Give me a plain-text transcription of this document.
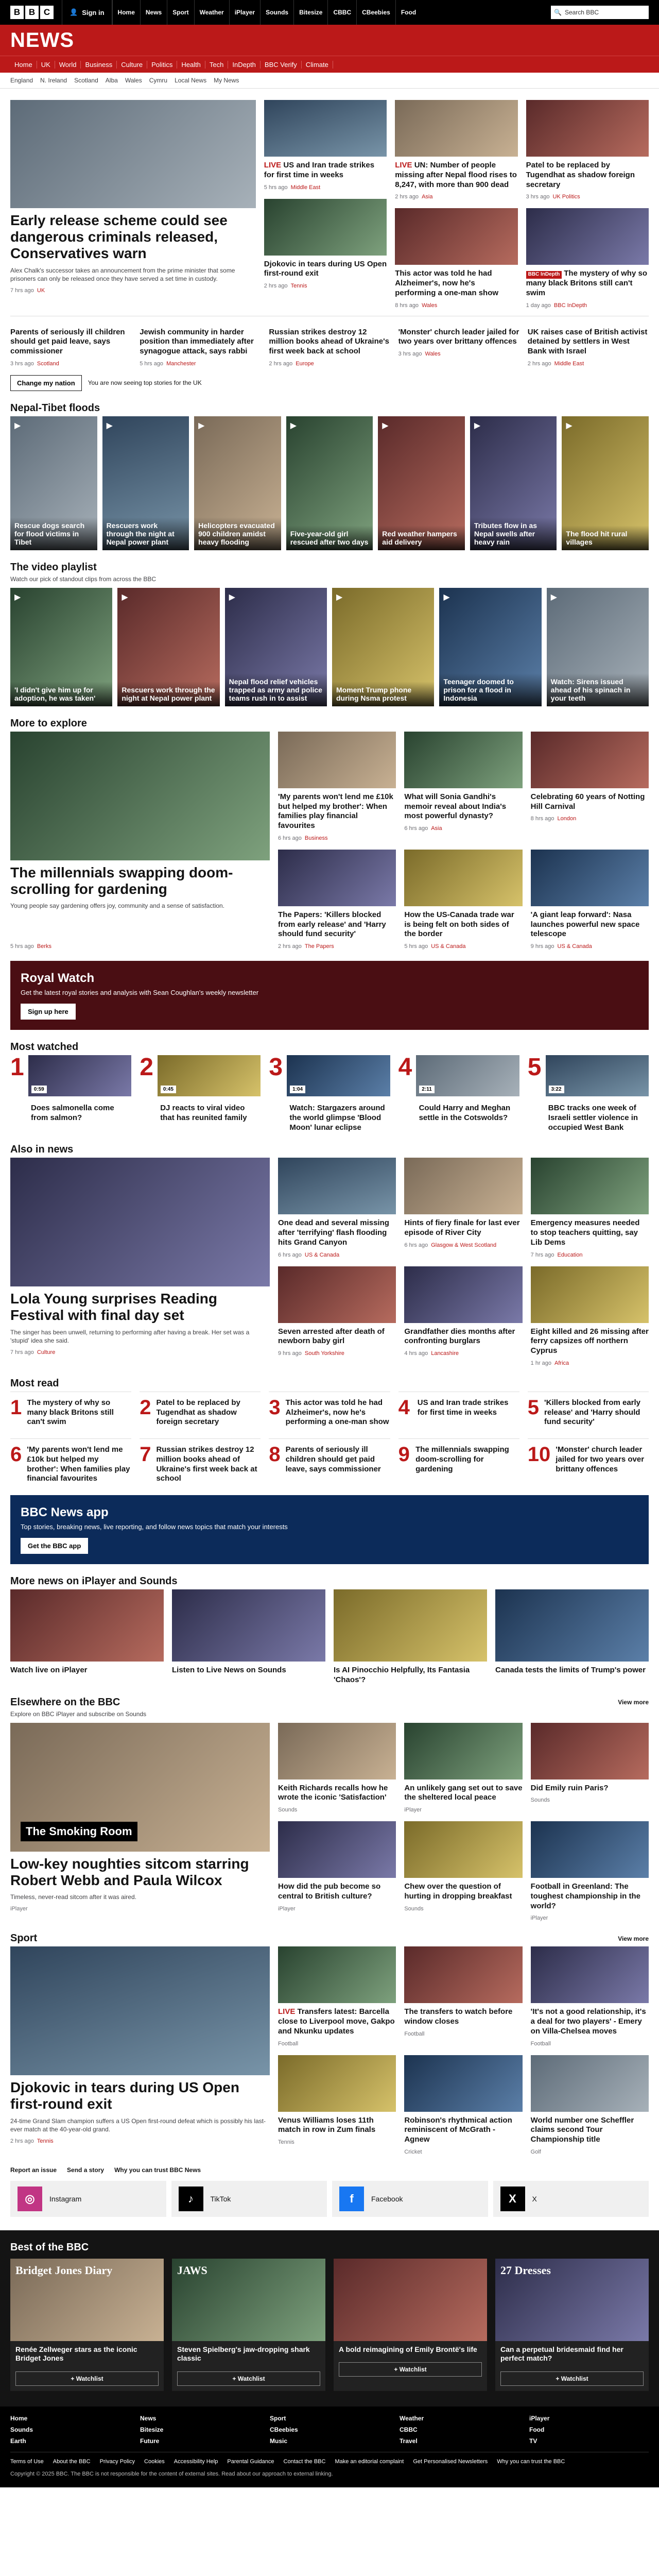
B B C	👤 Sign in	Home	News	Sport	Weather	iPlayer	Sounds	Bitesize	CBBC	CBeebies	Food	🔍 Search BBC
NEWS
Home	UK	World	Business	Culture	Politics	Health	Tech	InDepth	BBC Verify	Climate
England N. Ireland Scotland Alba Wales Cymru Local News My News
Early release scheme could see dangerous criminals released, Conservatives warn
Alex Chalk's successor takes an announcement from the prime minister that some prisoners can only be released once they have served a set time in custody.
7 hrs ago UK
LIVE US and Iran trade strikes for first time in weeks
5 hrs ago Middle East
Djokovic in tears during US Open first-round exit
2 hrs ago Tennis
LIVE UN: Number of people missing after Nepal flood rises to 8,247, with more than 900 dead
2 hrs ago Asia
This actor was told he had Alzheimer's, now he's performing a one-man show
8 hrs ago Wales
Patel to be replaced by Tugendhat as shadow foreign secretary
3 hrs ago UK Politics
BBC InDepth The mystery of why so many black Britons still can't swim
1 day ago BBC InDepth
Parents of seriously ill children should get paid leave, says commissioner
3 hrs ago Scotland
Jewish community in harder position than immediately after synagogue attack, says rabbi
5 hrs ago Manchester
Russian strikes destroy 12 million books ahead of Ukraine's first week back at school
2 hrs ago Europe
'Monster' church leader jailed for two years over brittany offences
3 hrs ago Wales
UK raises case of British activist detained by settlers in West Bank with Israel
2 hrs ago Middle East
Change my nation	You are now seeing top stories for the UK
Nepal-Tibet floods
▶
Rescue dogs search for flood victims in Tibet
▶
Rescuers work through the night at Nepal power plant
▶
Helicopters evacuated 900 children amidst heavy flooding
▶
Five-year-old girl rescued after two days
▶
Red weather hampers aid delivery
▶
Tributes flow in as Nepal swells after heavy rain
▶
The flood hit rural villages
The video playlist
Watch our pick of standout clips from across the BBC
▶
'I didn't give him up for adoption, he was taken'
▶
Rescuers work through the night at Nepal power plant
▶
Nepal flood relief vehicles trapped as army and police teams rush in to assist
▶
Moment Trump phone during Nsma protest
▶
Teenager doomed to prison for a flood in Indonesia
▶
Watch: Sirens issued ahead of his spinach in your teeth
More to explore
The millennials swapping doom-scrolling for gardening
Young people say gardening offers joy, community and a sense of satisfaction.
5 hrs ago Berks
'My parents won't lend me £10k but helped my brother': When families play financial favourites
6 hrs ago Business
What will Sonia Gandhi's memoir reveal about India's most powerful dynasty?
6 hrs ago Asia
Celebrating 60 years of Notting Hill Carnival
8 hrs ago London
The Papers: 'Killers blocked from early release' and 'Harry should fund security'
2 hrs ago The Papers
How the US-Canada trade war is being felt on both sides of the border
5 hrs ago US & Canada
'A giant leap forward': Nasa launches powerful new space telescope
9 hrs ago US & Canada
Royal Watch

Get the latest royal stories and analysis with Sean Coughlan's weekly newsletter

Sign up here
Most watched
1
0:59
Does salmonella come from salmon?
2
0:45
DJ reacts to viral video that has reunited family
3
1:04
Watch: Stargazers around the world glimpse 'Blood Moon' lunar eclipse
4
2:11
Could Harry and Meghan settle in the Cotswolds?
5
3:22
BBC tracks one week of Israeli settler violence in occupied West Bank
Also in news
Lola Young surprises Reading Festival with final day set
The singer has been unwell, returning to performing after having a break. Her set was a 'stupid' idea she said.
7 hrs ago Culture
One dead and several missing after 'terrifying' flash flooding hits Grand Canyon
6 hrs ago US & Canada
Hints of fiery finale for last ever episode of River City
6 hrs ago Glasgow & West Scotland
Emergency measures needed to stop teachers quitting, say Lib Dems
7 hrs ago Education
Seven arrested after death of newborn baby girl
9 hrs ago South Yorkshire
Grandfather dies months after confronting burglars
4 hrs ago Lancashire
Eight killed and 26 missing after ferry capsizes off northern Cyprus
1 hr ago Africa
Most read
1 The mystery of why so many black Britons still can't swim
2 Patel to be replaced by Tugendhat as shadow foreign secretary
3 This actor was told he had Alzheimer's, now he's performing a one-man show
4 US and Iran trade strikes for first time in weeks	5 'Killers blocked from early release' and 'Harry should fund security'
6 'My parents won't lend me £10k but helped my brother': When families play financial favourites
7 Russian strikes destroy 12 million books ahead of Ukraine's first week back at school
8 Parents of seriously ill children should get paid leave, says commissioner
9 The millennials swapping doom-scrolling for gardening
10 'Monster' church leader jailed for two years over brittany offences
BBC News app

Top stories, breaking news, live reporting, and follow news topics that match your interests

Get the BBC app
More news on iPlayer and Sounds
Watch live on iPlayer	Listen to Live News on Sounds	Is AI Pinocchio Helpfully, Its Fantasia 'Chaos'?
Canada tests the limits of Trump's power
Elsewhere on the BBC	View more
Explore on BBC iPlayer and subscribe on Sounds
The Smoking Room
Low-key noughties sitcom starring Robert Webb and Paula Wilcox
Timeless, never-read sitcom after it was aired.
iPlayer
Keith Richards recalls how he wrote the iconic 'Satisfaction'
Sounds
An unlikely gang set out to save the sheltered local peace
iPlayer
Did Emily ruin Paris?
Sounds
How did the pub become so central to British culture?
iPlayer
Chew over the question of hurting in dropping breakfast
Sounds
Football in Greenland: The toughest championship in the world?
iPlayer
Sport	View more
Djokovic in tears during US Open first-round exit
24-time Grand Slam champion suffers a US Open first-round defeat which is possibly his last-ever match at the 40-year-old grand.
2 hrs ago Tennis
LIVE Transfers latest: Barcella close to Liverpool move, Gakpo and Nkunku updates
Football
The transfers to watch before window closes
Football
'It's not a good relationship, it's a deal for two players' - Emery on Villa-Chelsea moves
Football
Venus Williams loses 11th match in row in Zum finals
Tennis
Robinson's rhythmical action reminiscent of McGrath - Agnew
Cricket
World number one Scheffler claims second Tour Championship title
Golf
Report an issue Send a story Why you can trust BBC News
◎	Instagram	♪	TikTok	f	Facebook	X	X
Best of the BBC
Bridget Jones Diary
Renée Zellweger stars as the iconic Bridget Jones
+ Watchlist
JAWS
Steven Spielberg's jaw-dropping shark classic
+ Watchlist
A bold reimagining of Emily Brontë's life
+ Watchlist
27 Dresses
Can a perpetual bridesmaid find her perfect match?
+ Watchlist
Home	News	Sport	Weather	iPlayer
Sounds	Bitesize	CBeebies	CBBC	Food
Earth	Future	Music	Travel	TV
Terms of Use About the BBC Privacy Policy Cookies Accessibility Help Parental Guidance Contact the BBC Make an editorial complaint Get Personalised Newsletters Why you can trust the BBC
Copyright © 2025 BBC. The BBC is not responsible for the content of external sites. Read about our approach to external linking.
